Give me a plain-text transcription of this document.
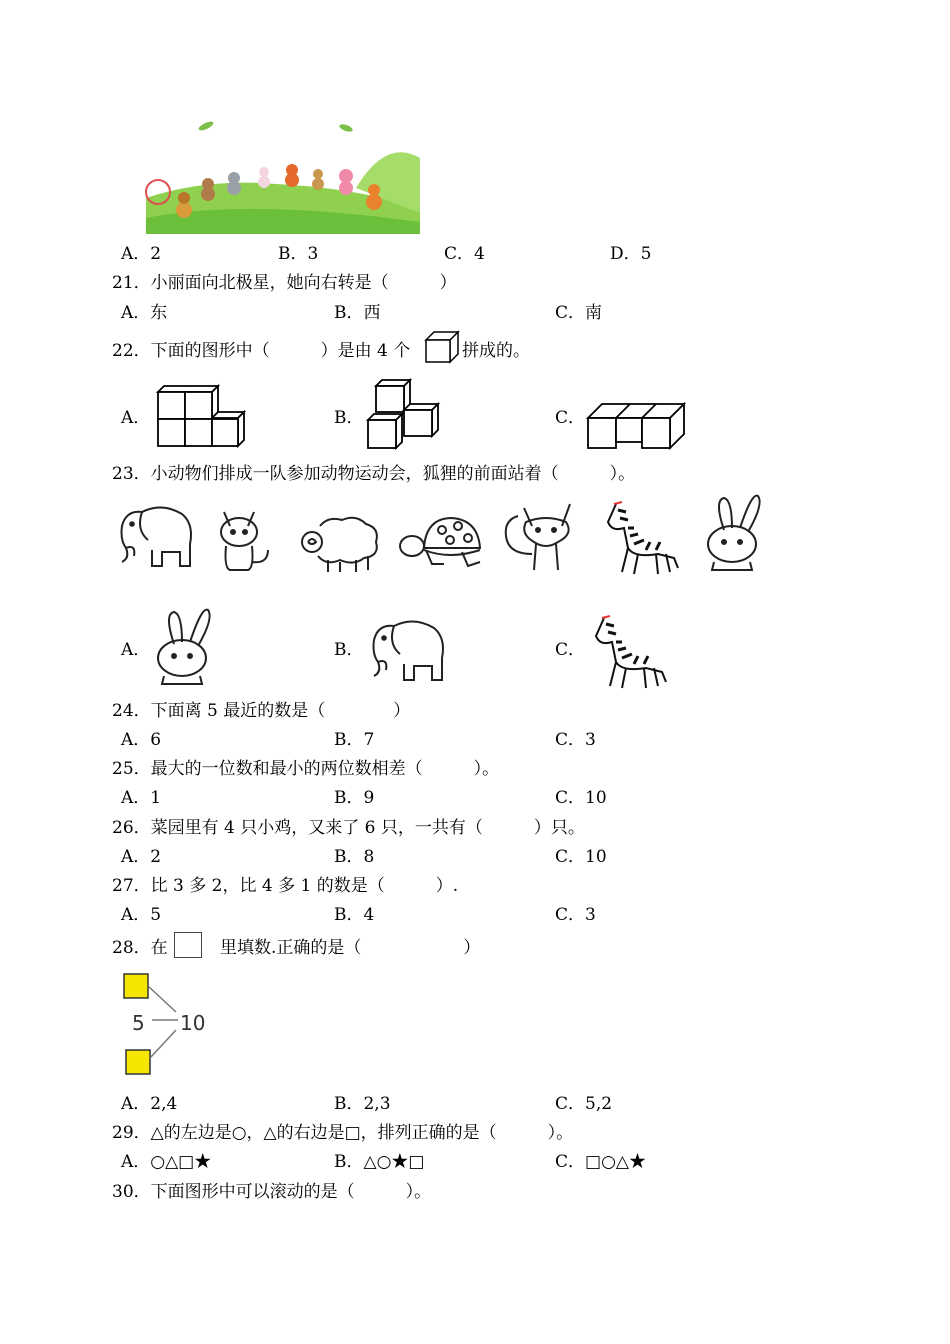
A．2	B．3	C．4	D．5
21．小丽面向北极星，她向右转是（　　　）
A．东	B．西	C．南
22．下面的图形中（　　　）是由 4 个	拼成的。
A．	B．	C．
23．小动物们排成一队参加动物运动会，狐狸的前面站着（　　　）。
A．	B．	C．
24．下面离 5 最近的数是（　　　　）
A．6	B．7	C．3
25．最大的一位数和最小的两位数相差（　　　）。
A．1	B．9	C．10
26．菜园里有 4 只小鸡，又来了 6 只，一共有（　　　）只。
A．2	B．8	C．10
27．比 3 多 2，比 4 多 1 的数是（　　　）.
A．5	B．4	C．3
28．在	里填数.正确的是（　　　　　　）
5 10
A．2,4	B．2,3	C．5,2
29．△的左边是○，△的右边是□，排列正确的是（　　　）。
A．○△□★	B．△○★□	C．□○△★
30．下面图形中可以滚动的是（　　　）。
